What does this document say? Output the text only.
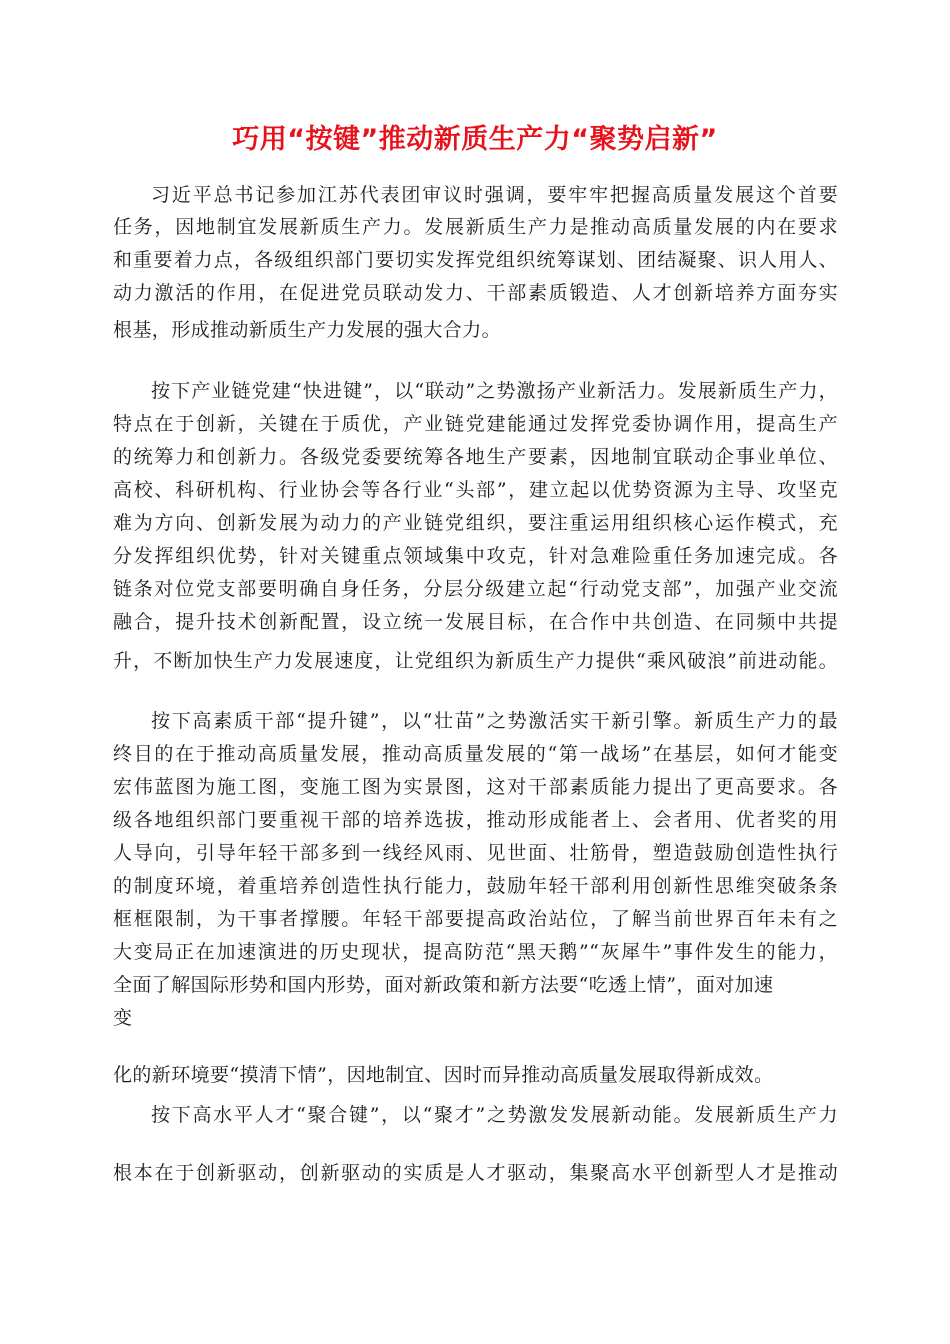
巧用“按键”推动新质生产力“聚势启新”
习近平总书记参加江苏代表团审议时强调，要牢牢把握高质量发展这个首要
任务，因地制宜发展新质生产力。发展新质生产力是推动高质量发展的内在要求
和重要着力点，各级组织部门要切实发挥党组织统筹谋划、团结凝聚、识人用人、
动力激活的作用，在促进党员联动发力、干部素质锻造、人才创新培养方面夯实
根基，形成推动新质生产力发展的强大合力。
按下产业链党建“快进键”，以“联动”之势激扬产业新活力。发展新质生产力，
特点在于创新，关键在于质优，产业链党建能通过发挥党委协调作用，提高生产
的统筹力和创新力。各级党委要统筹各地生产要素，因地制宜联动企事业单位、
高校、科研机构、行业协会等各行业“头部”，建立起以优势资源为主导、攻坚克
难为方向、创新发展为动力的产业链党组织，要注重运用组织核心运作模式，充
分发挥组织优势，针对关键重点领域集中攻克，针对急难险重任务加速完成。各
链条对位党支部要明确自身任务，分层分级建立起“行动党支部”，加强产业交流
融合，提升技术创新配置，设立统一发展目标，在合作中共创造、在同频中共提
升，不断加快生产力发展速度，让党组织为新质生产力提供“乘风破浪”前进动能。
按下高素质干部“提升键”，以“壮苗”之势激活实干新引擎。新质生产力的最
终目的在于推动高质量发展，推动高质量发展的“第一战场”在基层，如何才能变
宏伟蓝图为施工图，变施工图为实景图，这对干部素质能力提出了更高要求。各
级各地组织部门要重视干部的培养选拔，推动形成能者上、会者用、优者奖的用
人导向，引导年轻干部多到一线经风雨、见世面、壮筋骨，塑造鼓励创造性执行
的制度环境，着重培养创造性执行能力，鼓励年轻干部利用创新性思维突破条条
框框限制，为干事者撑腰。年轻干部要提高政治站位，了解当前世界百年未有之
大变局正在加速演进的历史现状，提高防范“黑天鹅”“灰犀牛”事件发生的能力，
全面了解国际形势和国内形势，面对新政策和新方法要“吃透上情”，面对加速
变
化的新环境要“摸清下情”，因地制宜、因时而异推动高质量发展取得新成效。
按下高水平人才“聚合键”，以“聚才”之势激发发展新动能。发展新质生产力
根本在于创新驱动，创新驱动的实质是人才驱动，集聚高水平创新型人才是推动
